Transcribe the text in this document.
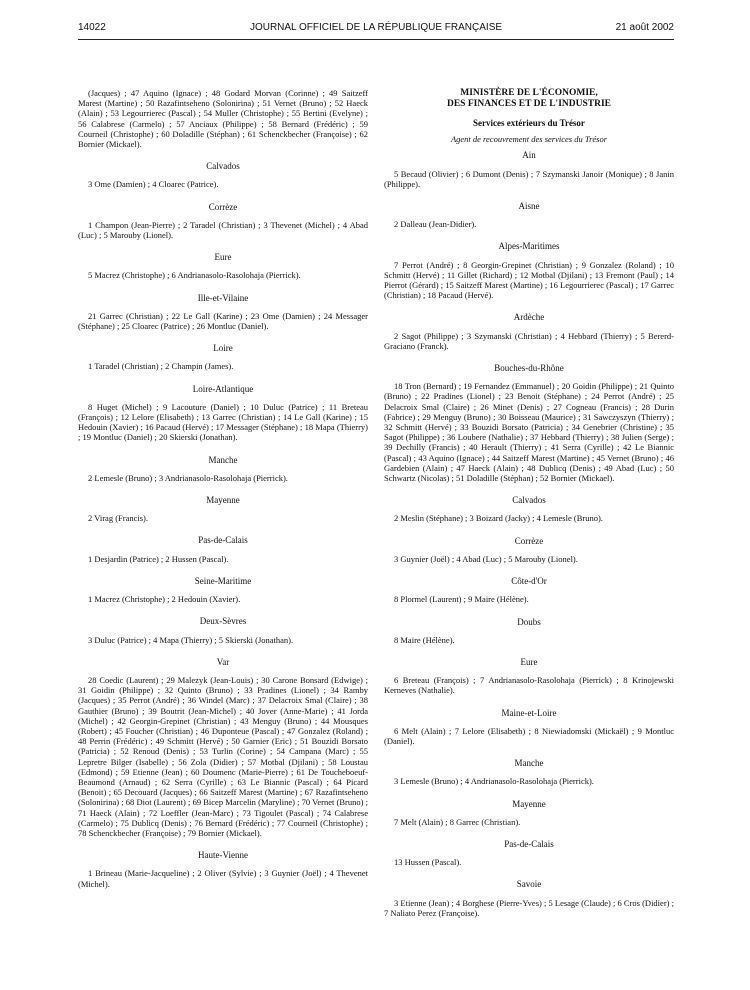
14022	JOURNAL OFFICIEL DE LA RÉPUBLIQUE FRANÇAISE	21 août 2002

(Jacques) ; 47 Aquino (Ignace) ; 48 Godard Morvan (Corinne) ; 49 Saitzeff Marest (Martine) ; 50 Razafintseheno (Solonirina) ; 51 Vernet (Bruno) ; 52 Haeck (Alain) ; 53 Legourrierec (Pascal) ; 54 Muller (Christophe) ; 55 Bertini (Evelyne) ; 56 Calabrese (Carmelo) ; 57 Anciaux (Philippe) ; 58 Bernard (Frédéric) ; 59 Courneil (Christophe) ; 60 Doladille (Stéphan) ; 61 Schenckbecher (Françoise) ; 62 Bornier (Mickael).

Calvados

3 Ome (Damien) ; 4 Cloarec (Patrice).

Corrèze

1 Champon (Jean-Pierre) ; 2 Taradel (Christian) ; 3 Thevenet (Michel) ; 4 Abad (Luc) ; 5 Marouby (Lionel).

Eure

5 Macrez (Christophe) ; 6 Andrianasolo-Rasolohaja (Pierrick).

Ille-et-Vilaine

21 Garrec (Christian) ; 22 Le Gall (Karine) ; 23 Ome (Damien) ; 24 Messager (Stéphane) ; 25 Cloarec (Patrice) ; 26 Montluc (Daniel).

Loire

1 Taradel (Christian) ; 2 Champin (James).

Loire-Atlantique

8 Huget (Michel) ; 9 Lacouture (Daniel) ; 10 Duluc (Patrice) ; 11 Breteau (François) ; 12 Lelore (Elisabeth) ; 13 Garrec (Christian) ; 14 Le Gall (Karine) ; 15 Hedouin (Xavier) ; 16 Pacaud (Hervé) ; 17 Messager (Stéphane) ; 18 Mapa (Thierry) ; 19 Montluc (Daniel) ; 20 Skierski (Jonathan).

Manche

2 Lemesle (Bruno) ; 3 Andrianasolo-Rasolohaja (Pierrick).

Mayenne

2 Virag (Francis).

Pas-de-Calais

1 Desjardin (Patrice) ; 2 Hussen (Pascal).

Seine-Maritime

1 Macrez (Christophe) ; 2 Hedouin (Xavier).

Deux-Sèvres

3 Duluc (Patrice) ; 4 Mapa (Thierry) ; 5 Skierski (Jonathan).

Var

28 Coedic (Laurent) ; 29 Malezyk (Jean-Louis) ; 30 Carone Bonsard (Edwige) ; 31 Goidin (Philippe) ; 32 Quinto (Bruno) ; 33 Pradines (Lionel) ; 34 Ramby (Jacques) ; 35 Perrot (André) ; 36 Windel (Marc) ; 37 Delacroix Smal (Claire) ; 38 Gauthier (Bruno) ; 39 Boutrit (Jean-Michel) ; 40 Jover (Anne-Marie) ; 41 Jorda (Michel) ; 42 Georgin-Grepinet (Christian) ; 43 Menguy (Bruno) ; 44 Mousques (Robert) ; 45 Foucher (Christian) ; 46 Duponteue (Pascal) ; 47 Gonzalez (Roland) ; 48 Perrin (Frédéric) ; 49 Schmitt (Hervé) ; 50 Garnier (Eric) ; 51 Bouzidi Borsato (Patricia) ; 52 Renoud (Denis) ; 53 Turlin (Corine) ; 54 Campana (Marc) ; 55 Lepretre Bilger (Isabelle) ; 56 Zola (Didier) ; 57 Motbal (Djilani) ; 58 Loustau (Edmond) ; 59 Etienne (Jean) ; 60 Doumenc (Marie-Pierre) ; 61 De Toucheboeuf-Beaumond (Arnaud) ; 62 Serra (Cyrille) ; 63 Le Biannic (Pascal) ; 64 Picard (Benoit) ; 65 Decouard (Jacques) ; 66 Saitzeff Marest (Martine) ; 67 Razafintseheno (Solonirina) ; 68 Diot (Laurent) ; 69 Bicep Marcelin (Maryline) ; 70 Vernet (Bruno) ; 71 Haeck (Alain) ; 72 Loeffler (Jean-Marc) ; 73 Tigoulet (Pascal) ; 74 Calabrese (Carmelo) ; 75 Dublicq (Denis) ; 76 Bernard (Frédéric) ; 77 Courneil (Christophe) ; 78 Schenckbecher (Françoise) ; 79 Bornier (Mickael).

Haute-Vienne

1 Brineau (Marie-Jacqueline) ; 2 Oliver (Sylvie) ; 3 Guynier (Joël) ; 4 Thevenet (Michel).

MINISTÈRE DE L'ÉCONOMIE,
DES FINANCES ET DE L'INDUSTRIE
Services extérieurs du Trésor
Agent de recouvrement des services du Trésor
Ain

5 Becaud (Olivier) ; 6 Dumont (Denis) ; 7 Szymanski Janoir (Monique) ; 8 Janin (Philippe).

Aisne

2 Dalleau (Jean-Didier).

Alpes-Maritimes

7 Perrot (André) ; 8 Georgin-Grepinet (Christian) ; 9 Gonzalez (Roland) ; 10 Schmitt (Hervé) ; 11 Gillet (Richard) ; 12 Motbal (Djilani) ; 13 Fremont (Paul) ; 14 Pierrot (Gérard) ; 15 Saitzeff Marest (Martine) ; 16 Legourrierec (Pascal) ; 17 Garrec (Christian) ; 18 Pacaud (Hervé).

Ardèche

2 Sagot (Philippe) ; 3 Szymanski (Christian) ; 4 Hebbard (Thierry) ; 5 Bererd-Graciano (Franck).

Bouches-du-Rhône

18 Tron (Bernard) ; 19 Fernandez (Emmanuel) ; 20 Goidin (Philippe) ; 21 Quinto (Bruno) ; 22 Pradines (Lionel) ; 23 Benoit (Stéphane) ; 24 Perrot (André) ; 25 Delacroix Smal (Claire) ; 26 Minet (Denis) ; 27 Cogneau (Francis) ; 28 Durin (Fabrice) ; 29 Menguy (Bruno) ; 30 Boisseau (Maurice) ; 31 Sawczyszyn (Thierry) ; 32 Schmitt (Hervé) ; 33 Bouzidi Borsato (Patricia) ; 34 Genebrier (Christine) ; 35 Sagot (Philippe) ; 36 Loubere (Nathalie) ; 37 Hebbard (Thierry) ; 38 Julien (Serge) ; 39 Dechilly (Francis) ; 40 Herault (Thierry) ; 41 Serra (Cyrille) ; 42 Le Biannic (Pascal) ; 43 Aquino (Ignace) ; 44 Saitzeff Marest (Martine) ; 45 Vernet (Bruno) ; 46 Gardebien (Alain) ; 47 Haeck (Alain) ; 48 Dublicq (Denis) ; 49 Abad (Luc) ; 50 Schwartz (Nicolas) ; 51 Doladille (Stéphan) ; 52 Bornier (Mickael).

Calvados

2 Meslin (Stéphane) ; 3 Boizard (Jacky) ; 4 Lemesle (Bruno).

Corrèze

3 Guynier (Joël) ; 4 Abad (Luc) ; 5 Marouby (Lionel).

Côte-d'Or

8 Plormel (Laurent) ; 9 Maire (Hélène).

Doubs

8 Maire (Hélène).

Eure

6 Breteau (François) ; 7 Andrianasolo-Rasolohaja (Pierrick) ; 8 Krinojewski Kerneves (Nathalie).

Maine-et-Loire

6 Melt (Alain) ; 7 Lelore (Elisabeth) ; 8 Niewiadomski (Mickaël) ; 9 Montluc (Daniel).

Manche

3 Lemesle (Bruno) ; 4 Andrianasolo-Rasolohaja (Pierrick).

Mayenne

7 Melt (Alain) ; 8 Garrec (Christian).

Pas-de-Calais

13 Hussen (Pascal).

Savoie

3 Etienne (Jean) ; 4 Borghese (Pierre-Yves) ; 5 Lesage (Claude) ; 6 Cros (Didier) ; 7 Naliato Perez (Françoise).
